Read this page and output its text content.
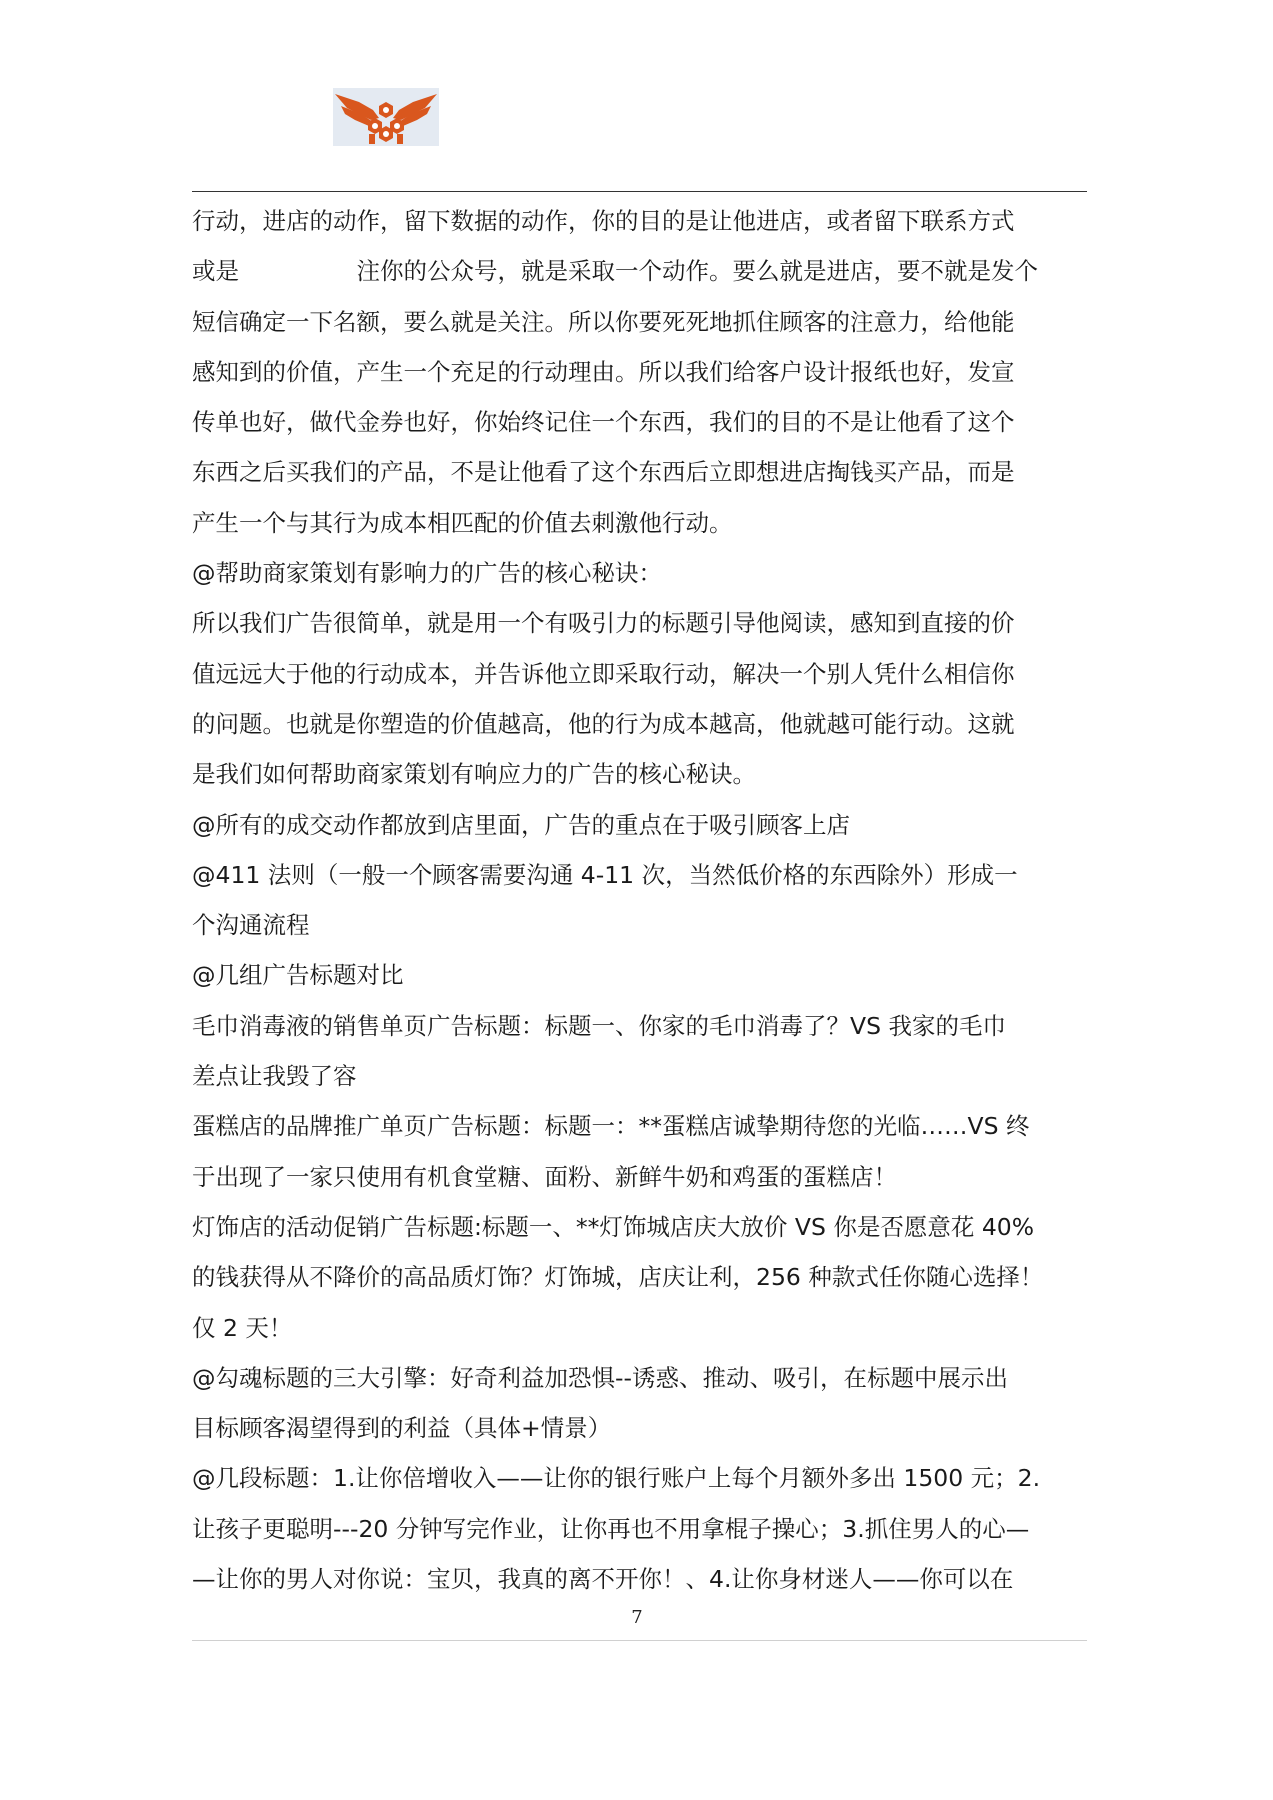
行动，进店的动作，留下数据的动作，你的目的是让他进店，或者留下联系方式
或是　　　　　注你的公众号，就是采取一个动作。要么就是进店，要不就是发个
短信确定一下名额，要么就是关注。所以你要死死地抓住顾客的注意力，给他能
感知到的价值，产生一个充足的行动理由。所以我们给客户设计报纸也好，发宣
传单也好，做代金券也好，你始终记住一个东西，我们的目的不是让他看了这个
东西之后买我们的产品，不是让他看了这个东西后立即想进店掏钱买产品，而是
产生一个与其行为成本相匹配的价值去刺激他行动。
@帮助商家策划有影响力的广告的核心秘诀：
所以我们广告很简单，就是用一个有吸引力的标题引导他阅读，感知到直接的价
值远远大于他的行动成本，并告诉他立即采取行动，解决一个别人凭什么相信你
的问题。也就是你塑造的价值越高，他的行为成本越高，他就越可能行动。这就
是我们如何帮助商家策划有响应力的广告的核心秘诀。
@所有的成交动作都放到店里面，广告的重点在于吸引顾客上店
@411 法则（一般一个顾客需要沟通 4-11 次，当然低价格的东西除外）形成一
个沟通流程
@几组广告标题对比
毛巾消毒液的销售单页广告标题：标题一、你家的毛巾消毒了？VS 我家的毛巾
差点让我毁了容
蛋糕店的品牌推广单页广告标题：标题一：**蛋糕店诚挚期待您的光临……VS 终
于出现了一家只使用有机食堂糖、面粉、新鲜牛奶和鸡蛋的蛋糕店！
灯饰店的活动促销广告标题:标题一、**灯饰城店庆大放价 VS 你是否愿意花 40%
的钱获得从不降价的高品质灯饰？灯饰城，店庆让利，256 种款式任你随心选择！
仅 2 天！
@勾魂标题的三大引擎：好奇利益加恐惧--诱惑、推动、吸引，在标题中展示出
目标顾客渴望得到的利益（具体+情景）
@几段标题：1.让你倍增收入——让你的银行账户上每个月额外多出 1500 元；2.
让孩子更聪明---20 分钟写完作业，让你再也不用拿棍子操心；3.抓住男人的心—
—让你的男人对你说：宝贝，我真的离不开你！、4.让你身材迷人——你可以在
7
